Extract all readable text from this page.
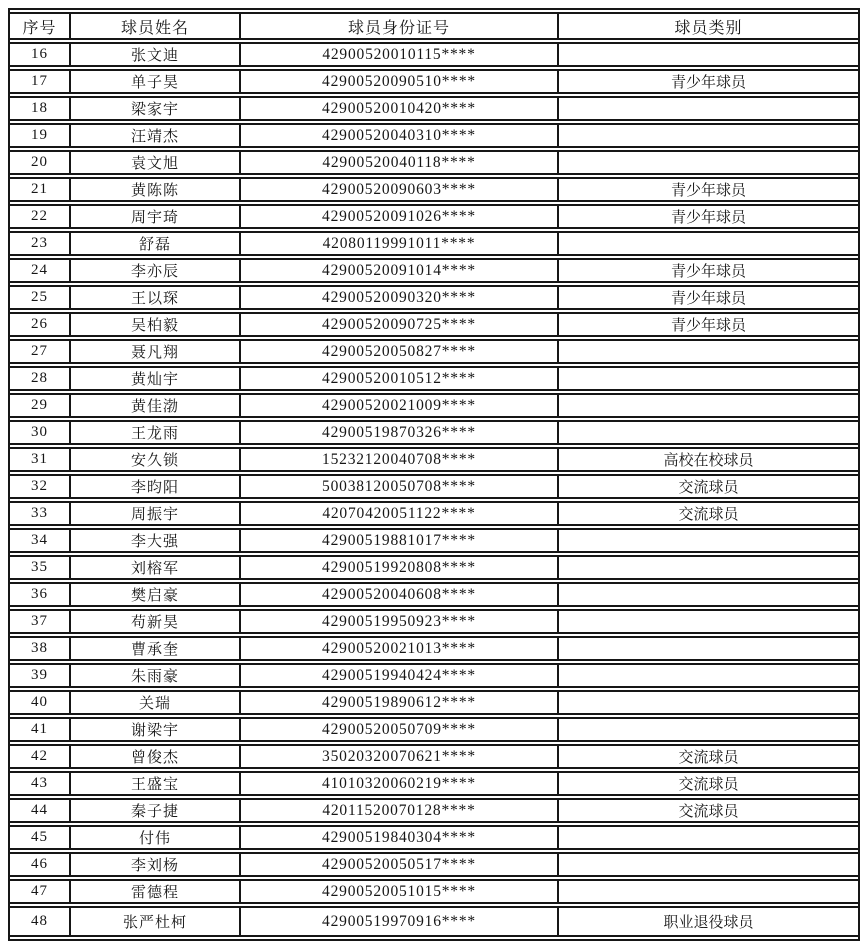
序号	球员姓名	球员身份证号	球员类别
16	张文迪	42900520010115****	
17	单子昊	42900520090510****	青少年球员
18	梁家宇	42900520010420****	
19	汪靖杰	42900520040310****	
20	袁文旭	42900520040118****	
21	黄陈陈	42900520090603****	青少年球员
22	周宇琦	42900520091026****	青少年球员
23	舒磊	42080119991011****	
24	李亦辰	42900520091014****	青少年球员
25	王以琛	42900520090320****	青少年球员
26	吴柏毅	42900520090725****	青少年球员
27	聂凡翔	42900520050827****	
28	黄灿宇	42900520010512****	
29	黄佳渤	42900520021009****	
30	王龙雨	42900519870326****	
31	安久锁	15232120040708****	高校在校球员
32	李昀阳	50038120050708****	交流球员
33	周振宇	42070420051122****	交流球员
34	李大强	42900519881017****	
35	刘榕军	42900519920808****	
36	樊启豪	42900520040608****	
37	苟新昊	42900519950923****	
38	曹承奎	42900520021013****	
39	朱雨豪	42900519940424****	
40	关瑞	42900519890612****	
41	谢梁宇	42900520050709****	
42	曾俊杰	35020320070621****	交流球员
43	王盛宝	41010320060219****	交流球员
44	秦子捷	42011520070128****	交流球员
45	付伟	42900519840304****	
46	李刘杨	42900520050517****	
47	雷德程	42900520051015****	
48	张严杜柯	42900519970916****	职业退役球员
